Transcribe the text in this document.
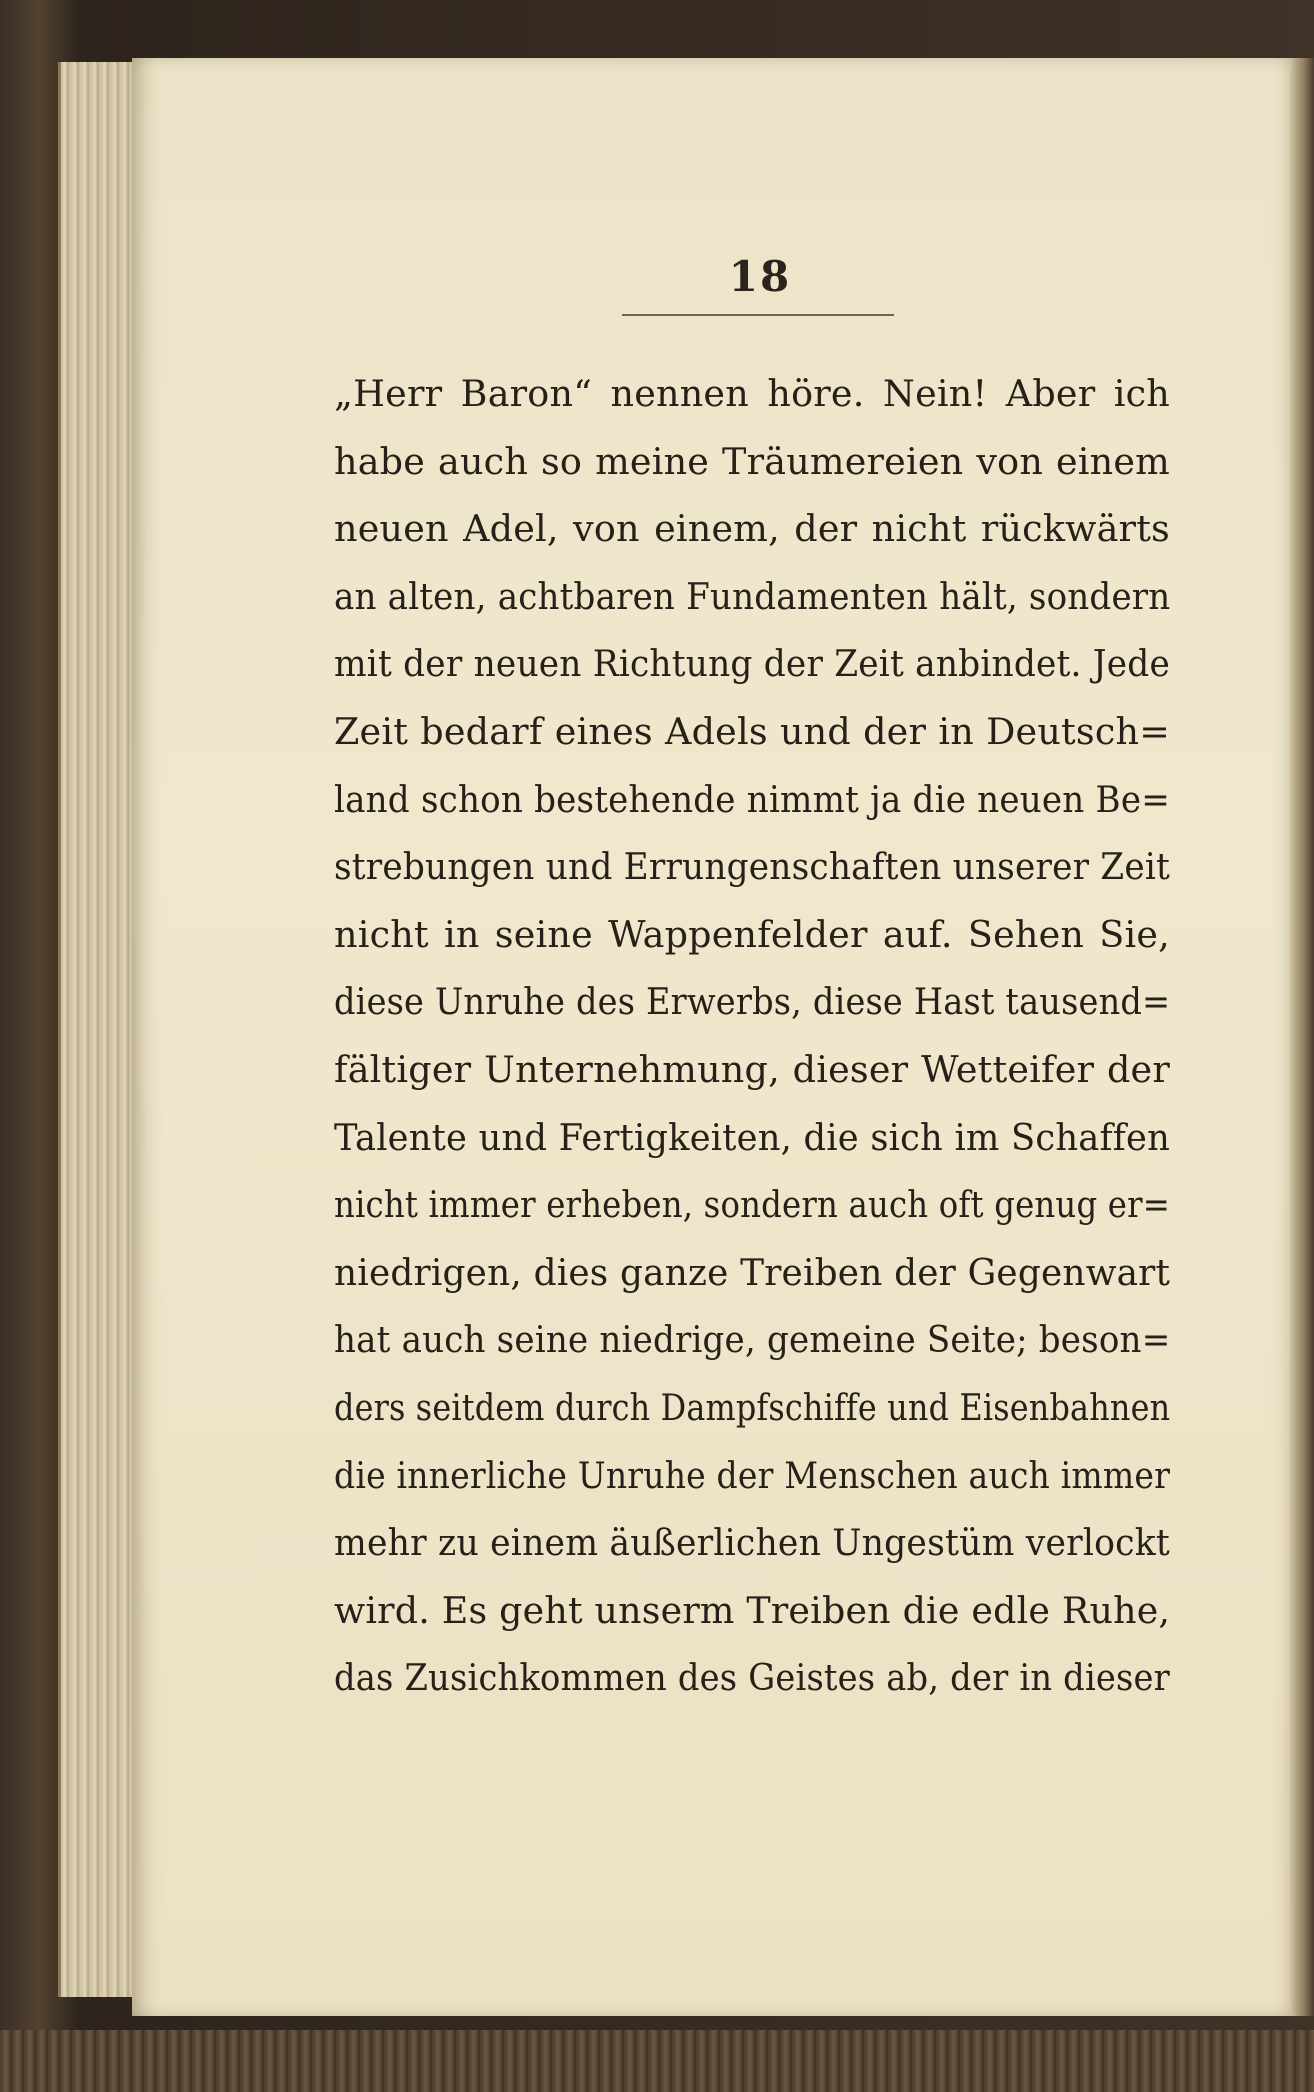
18
„Herr Baron“ nennen höre. Nein! Aber ich
habe auch so meine Träumereien von einem
neuen Adel, von einem, der nicht rückwärts
an alten, achtbaren Fundamenten hält, sondern
mit der neuen Richtung der Zeit anbindet. Jede
Zeit bedarf eines Adels und der in Deutsch=
land schon bestehende nimmt ja die neuen Be=
strebungen und Errungenschaften unserer Zeit
nicht in seine Wappenfelder auf. Sehen Sie,
diese Unruhe des Erwerbs, diese Hast tausend=
fältiger Unternehmung, dieser Wetteifer der
Talente und Fertigkeiten, die sich im Schaffen
nicht immer erheben, sondern auch oft genug er=
niedrigen, dies ganze Treiben der Gegenwart
hat auch seine niedrige, gemeine Seite; beson=
ders seitdem durch Dampfschiffe und Eisenbahnen
die innerliche Unruhe der Menschen auch immer
mehr zu einem äußerlichen Ungestüm verlockt
wird. Es geht unserm Treiben die edle Ruhe,
das Zusichkommen des Geistes ab, der in dieser
